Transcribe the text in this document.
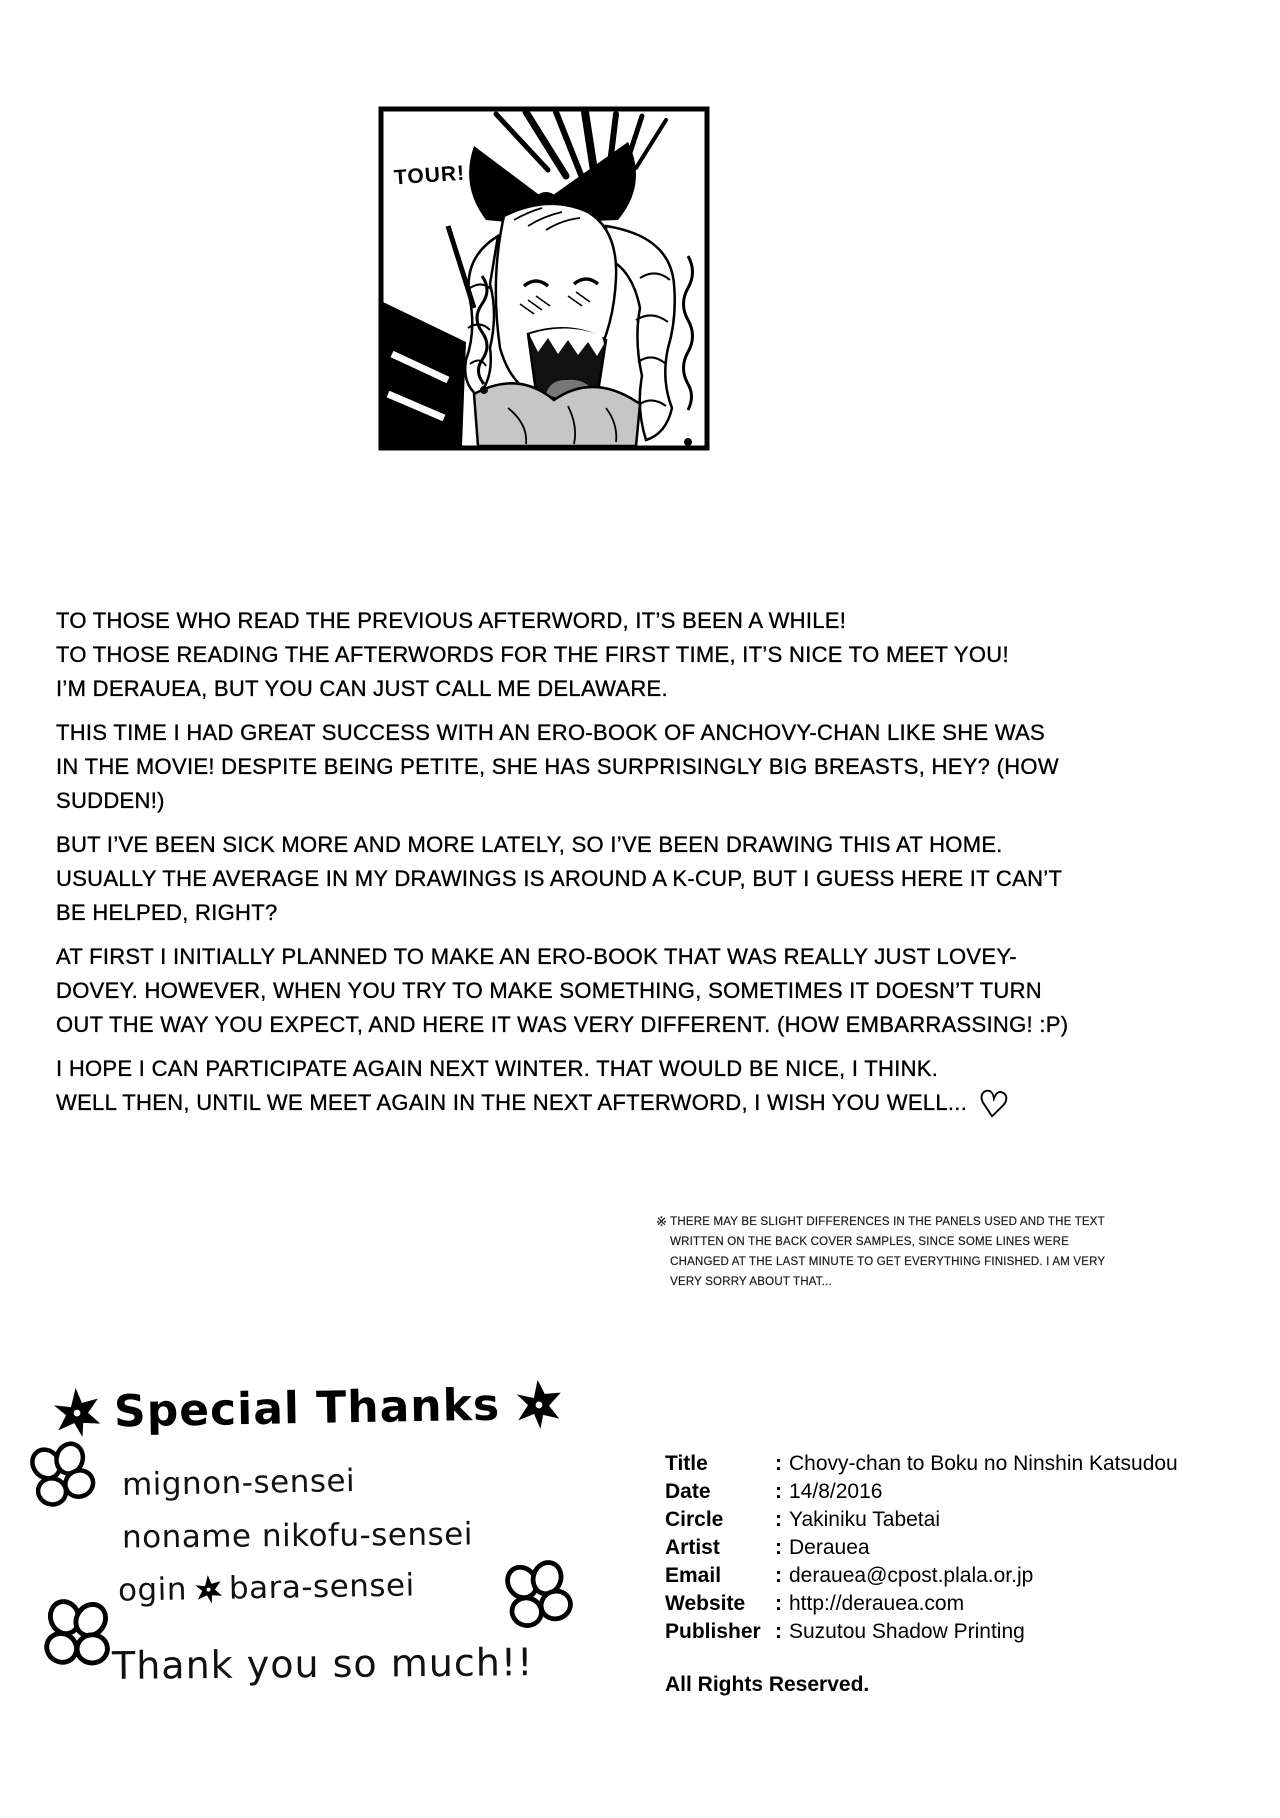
TOUR!
TO THOSE WHO READ THE PREVIOUS AFTERWORD, IT’S BEEN A WHILE!
TO THOSE READING THE AFTERWORDS FOR THE FIRST TIME, IT’S NICE TO MEET YOU!
I’M DERAUEA, BUT YOU CAN JUST CALL ME DELAWARE.
THIS TIME I HAD GREAT SUCCESS WITH AN ERO-BOOK OF ANCHOVY-CHAN LIKE SHE WAS
IN THE MOVIE! DESPITE BEING PETITE, SHE HAS SURPRISINGLY BIG BREASTS, HEY? (HOW
SUDDEN!)
BUT I’VE BEEN SICK MORE AND MORE LATELY, SO I’VE BEEN DRAWING THIS AT HOME.
USUALLY THE AVERAGE IN MY DRAWINGS IS AROUND A K-CUP, BUT I GUESS HERE IT CAN’T
BE HELPED, RIGHT?
AT FIRST I INITIALLY PLANNED TO MAKE AN ERO-BOOK THAT WAS REALLY JUST LOVEY-
DOVEY. HOWEVER, WHEN YOU TRY TO MAKE SOMETHING, SOMETIMES IT DOESN’T TURN
OUT THE WAY YOU EXPECT, AND HERE IT WAS VERY DIFFERENT. (HOW EMBARRASSING! :P)
I HOPE I CAN PARTICIPATE AGAIN NEXT WINTER. THAT WOULD BE NICE, I THINK.
WELL THEN, UNTIL WE MEET AGAIN IN THE NEXT AFTERWORD, I WISH YOU WELL... ♡
※ THERE MAY BE SLIGHT DIFFERENCES IN THE PANELS USED AND THE TEXT
WRITTEN ON THE BACK COVER SAMPLES, SINCE SOME LINES WERE
CHANGED AT THE LAST MINUTE TO GET EVERYTHING FINISHED. I AM VERY
VERY SORRY ABOUT THAT...
Special Thanks
mignon-sensei
noname nikofu-sensei
ogin bara-sensei
Thank you so much!!
Title	: Chovy-chan to Boku no Ninshin Katsudou
Date	: 14/8/2016
Circle	: Yakiniku Tabetai
Artist	: Derauea
Email	: derauea@cpost.plala.or.jp
Website	: http://derauea.com
Publisher : Suzutou Shadow Printing
All Rights Reserved.
